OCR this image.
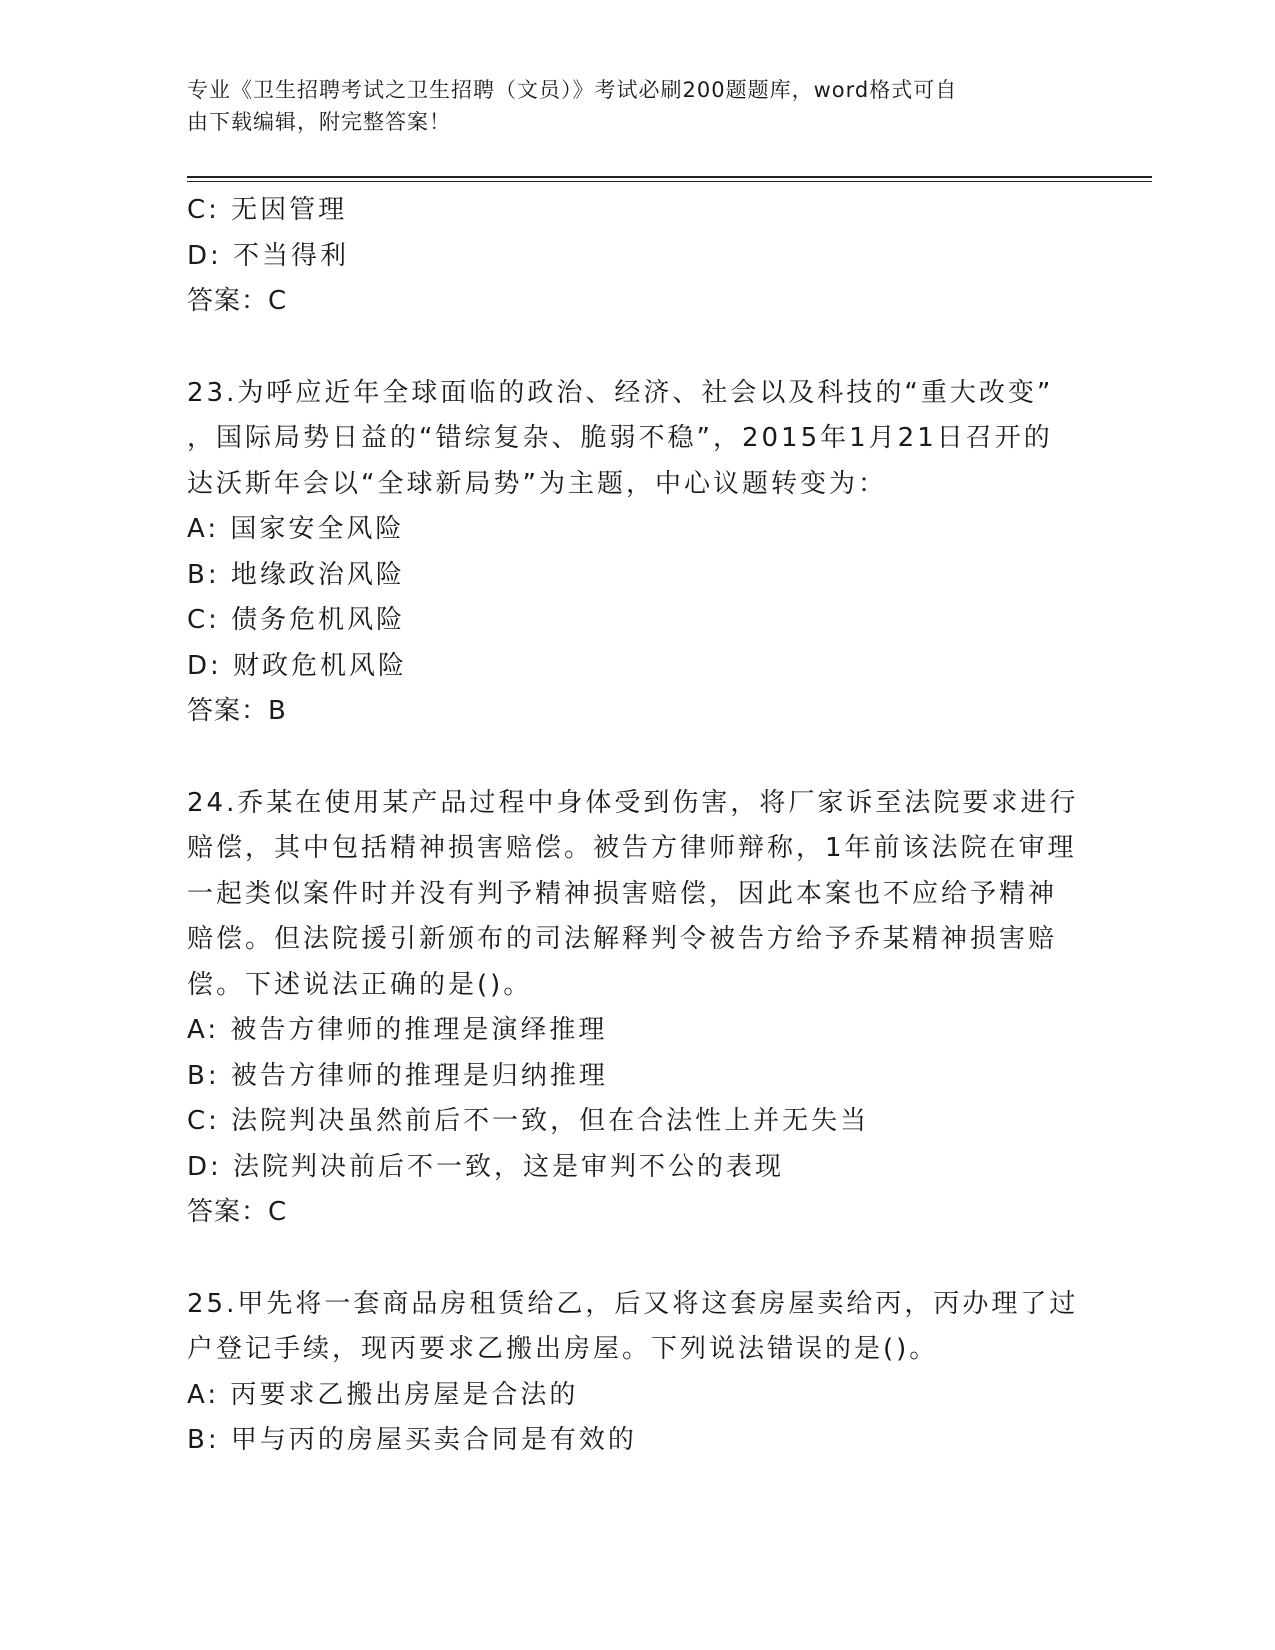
专业《卫生招聘考试之卫生招聘（文员）》考试必刷200题题库，word格式可自
由下载编辑，附完整答案！
C: 无因管理
D: 不当得利
答案：C
23.为呼应近年全球面临的政治、经济、社会以及科技的“重大改变”
，国际局势日益的“错综复杂、脆弱不稳”，2015年1月21日召开的
达沃斯年会以“全球新局势”为主题，中心议题转变为：
A: 国家安全风险
B: 地缘政治风险
C: 债务危机风险
D: 财政危机风险
答案：B
24.乔某在使用某产品过程中身体受到伤害，将厂家诉至法院要求进行
赔偿，其中包括精神损害赔偿。被告方律师辩称，1年前该法院在审理
一起类似案件时并没有判予精神损害赔偿，因此本案也不应给予精神
赔偿。但法院援引新颁布的司法解释判令被告方给予乔某精神损害赔
偿。下述说法正确的是()。
A: 被告方律师的推理是演绎推理
B: 被告方律师的推理是归纳推理
C: 法院判决虽然前后不一致，但在合法性上并无失当
D: 法院判决前后不一致，这是审判不公的表现
答案：C
25.甲先将一套商品房租赁给乙，后又将这套房屋卖给丙，丙办理了过
户登记手续，现丙要求乙搬出房屋。下列说法错误的是()。
A: 丙要求乙搬出房屋是合法的
B: 甲与丙的房屋买卖合同是有效的
